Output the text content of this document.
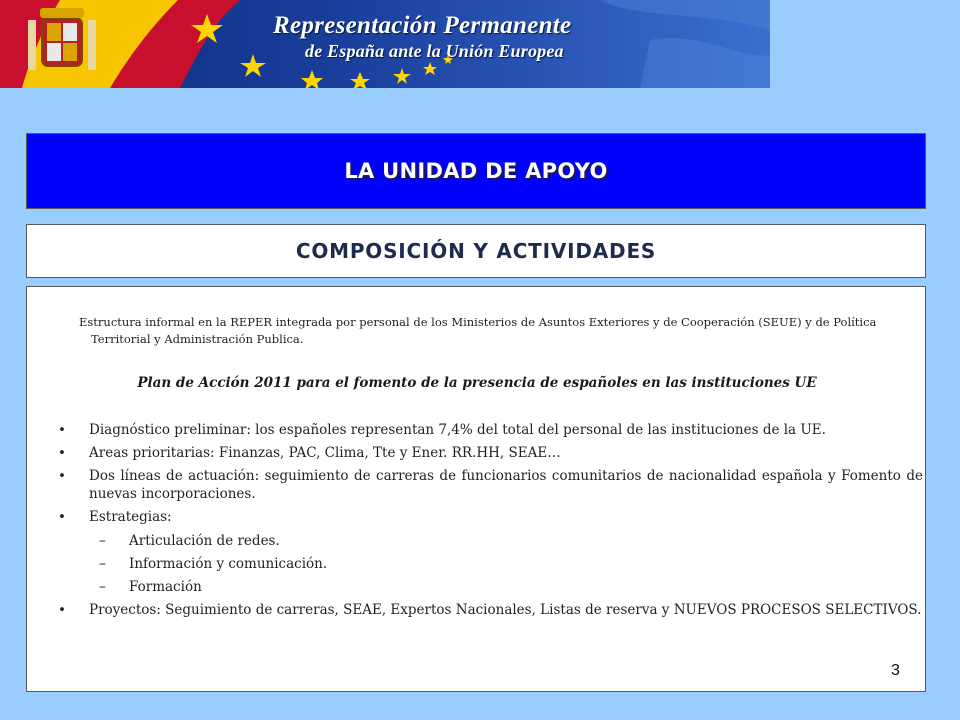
Representación Permanente
de España ante la Unión Europea
LA UNIDAD DE APOYO
COMPOSICIÓN Y ACTIVIDADES
Estructura informal en la REPER integrada por personal de los Ministerios de Asuntos Exteriores y de Cooperación (SEUE) y de Política Territorial y Administración Publica.
Plan de Acción 2011 para el fomento de la presencia de españoles en las instituciones UE
• Diagnóstico preliminar: los españoles representan 7,4% del total del personal de las instituciones de la UE.
• Areas prioritarias: Finanzas, PAC, Clima, Tte y Ener. RR.HH, SEAE…
• Dos líneas de actuación: seguimiento de carreras de funcionarios comunitarios de nacionalidad española y Fomento de nuevas incorporaciones.
• Estrategias:
– Articulación de redes.
– Información y comunicación.
– Formación
• Proyectos: Seguimiento de carreras, SEAE, Expertos Nacionales, Listas de reserva y NUEVOS PROCESOS SELECTIVOS.
3
